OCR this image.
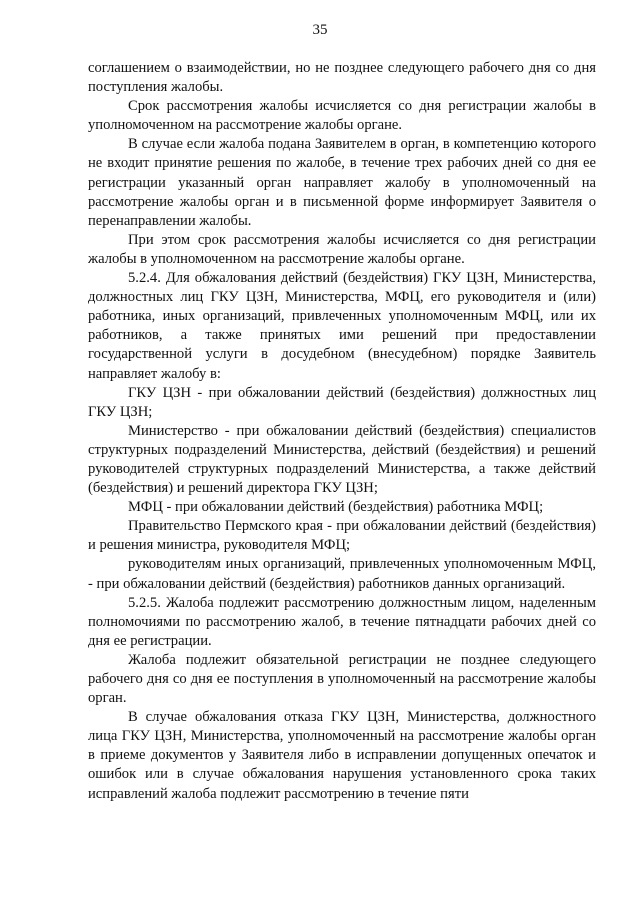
35

соглашением о взаимодействии, но не позднее следующего рабочего дня со дня поступления жалобы.

Срок рассмотрения жалобы исчисляется со дня регистрации жалобы в уполномоченном на рассмотрение жалобы органе.

В случае если жалоба подана Заявителем в орган, в компетенцию которого не входит принятие решения по жалобе, в течение трех рабочих дней со дня ее регистрации указанный орган направляет жалобу в уполномоченный на рассмотрение жалобы орган и в письменной форме информирует Заявителя о перенаправлении жалобы.

При этом срок рассмотрения жалобы исчисляется со дня регистрации жалобы в уполномоченном на рассмотрение жалобы органе.

5.2.4. Для обжалования действий (бездействия) ГКУ ЦЗН, Министерства, должностных лиц ГКУ ЦЗН, Министерства, МФЦ, его руководителя и (или) работника, иных организаций, привлеченных уполномоченным МФЦ, или их работников, а также принятых ими решений при предоставлении государственной услуги в досудебном (внесудебном) порядке Заявитель направляет жалобу в:

ГКУ ЦЗН - при обжаловании действий (бездействия) должностных лиц ГКУ ЦЗН;

Министерство - при обжаловании действий (бездействия) специалистов структурных подразделений Министерства, действий (бездействия) и решений руководителей структурных подразделений Министерства, а также действий (бездействия) и решений директора ГКУ ЦЗН;

МФЦ - при обжаловании действий (бездействия) работника МФЦ;

Правительство Пермского края - при обжаловании действий (бездействия) и решения министра, руководителя МФЦ;

руководителям иных организаций, привлеченных уполномоченным МФЦ, - при обжаловании действий (бездействия) работников данных организаций.

5.2.5. Жалоба подлежит рассмотрению должностным лицом, наделенным полномочиями по рассмотрению жалоб, в течение пятнадцати рабочих дней со дня ее регистрации.

Жалоба подлежит обязательной регистрации не позднее следующего рабочего дня со дня ее поступления в уполномоченный на рассмотрение жалобы орган.

В случае обжалования отказа ГКУ ЦЗН, Министерства, должностного лица ГКУ ЦЗН, Министерства, уполномоченный на рассмотрение жалобы орган в приеме документов у Заявителя либо в исправлении допущенных опечаток и ошибок или в случае обжалования нарушения установленного срока таких исправлений жалоба подлежит рассмотрению в течение пяти
